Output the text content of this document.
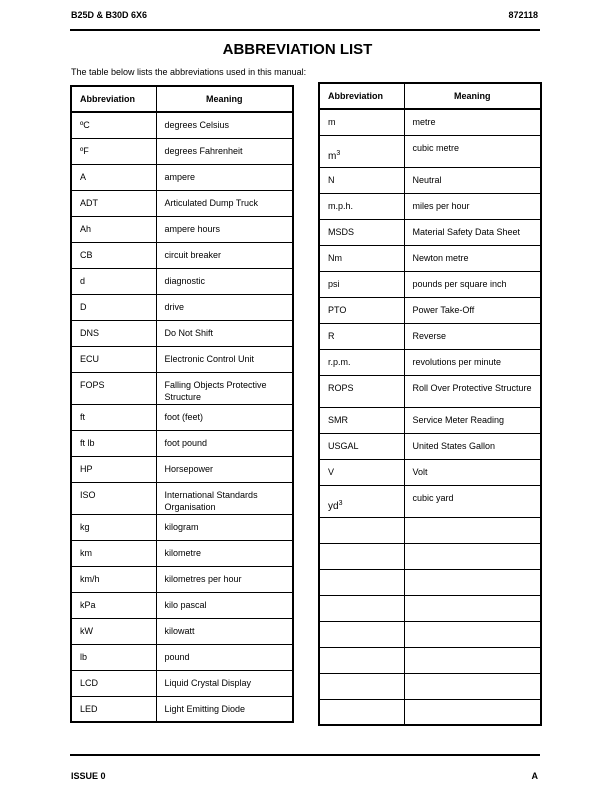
B25D & B30D 6X6	872118
ABBREVIATION LIST
The table below lists the abbreviations used in this manual:
Abbreviation	Meaning
ºC	degrees Celsius
ºF	degrees Fahrenheit
A	ampere
ADT	Articulated Dump Truck
Ah	ampere hours
CB	circuit breaker
d	diagnostic
D	drive
DNS	Do Not Shift
ECU	Electronic Control Unit
FOPS	Falling Objects Protective Structure
ft	foot (feet)
ft lb	foot pound
HP	Horsepower
ISO	International Standards Organisation
kg	kilogram
km	kilometre
km/h	kilometres per hour
kPa	kilo pascal
kW	kilowatt
lb	pound
LCD	Liquid Crystal Display
LED	Light Emitting Diode
Abbreviation	Meaning
m	metre
$m^3$	cubic metre
N	Neutral
m.p.h.	miles per hour
MSDS	Material Safety Data Sheet
Nm	Newton metre
psi	pounds per square inch
PTO	Power Take-Off
R	Reverse
r.p.m.	revolutions per minute
ROPS	Roll Over Protective Structure
SMR	Service Meter Reading
USGAL	United States Gallon
V	Volt
$yd^3$	cubic yard

ISSUE 0	A
